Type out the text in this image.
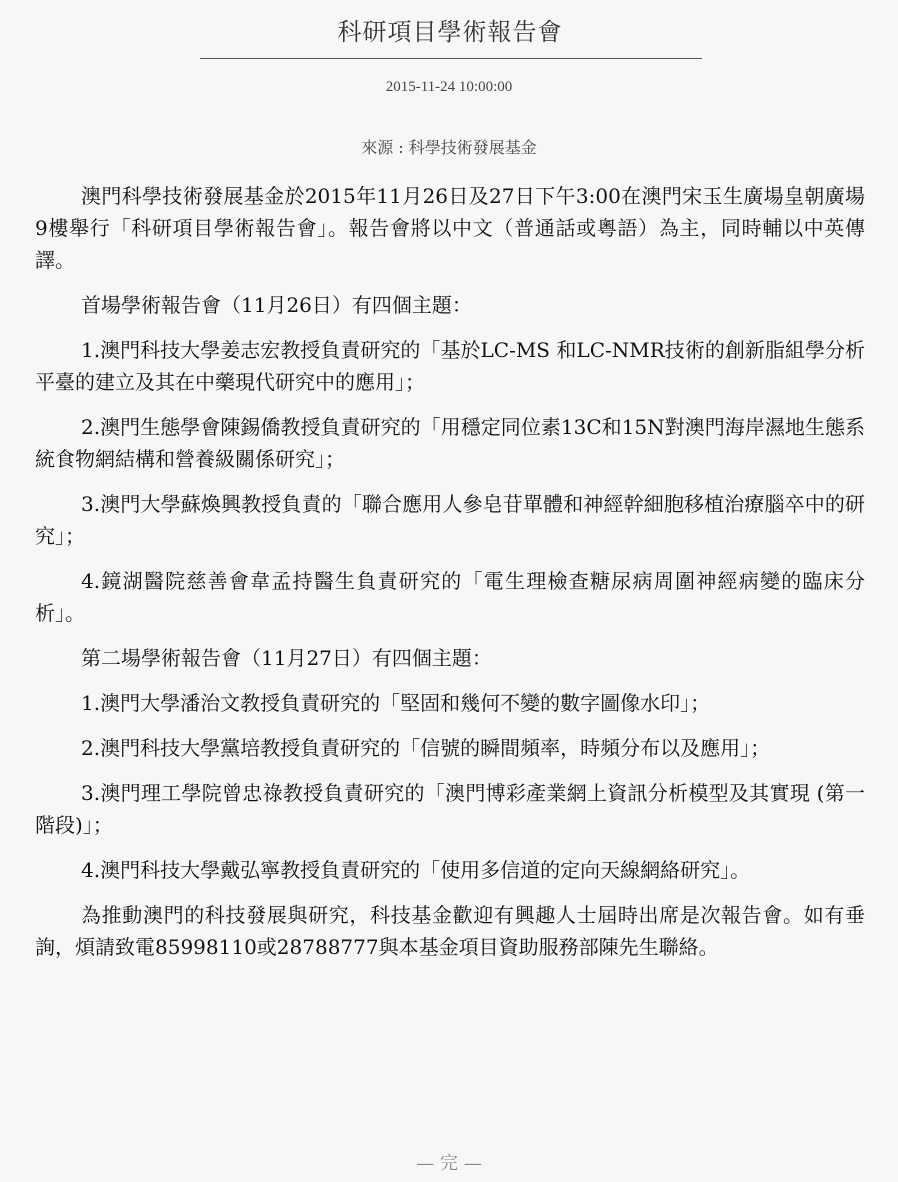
科研項目學術報告會
2015-11-24 10:00:00
來源 : 科學技術發展基金

澳門科學技術發展基金於2015年11月26日及27日下午3:00在澳門宋玉生廣場皇朝廣場9樓舉行「科研項目學術報告會」。報告會將以中文（普通話或粵語）為主，同時輔以中英傳譯。

首場學術報告會（11月26日）有四個主題：

1.澳門科技大學姜志宏教授負責研究的「基於LC-MS 和LC-NMR技術的創新脂組學分析平臺的建立及其在中藥現代研究中的應用」；

2.澳門生態學會陳錫僑教授負責研究的「用穩定同位素13C和15N對澳門海岸濕地生態系統食物網結構和營養級關係研究」；

3.澳門大學蘇煥興教授負責的「聯合應用人參皂苷單體和神經幹細胞移植治療腦卒中的研究」；

4.鏡湖醫院慈善會韋孟持醫生負責研究的「電生理檢查糖尿病周圍神經病變的臨床分析」。

第二場學術報告會（11月27日）有四個主題：

1.澳門大學潘治文教授負責研究的「堅固和幾何不變的數字圖像水印」；

2.澳門科技大學黨培教授負責研究的「信號的瞬間頻率，時頻分布以及應用」；

3.澳門理工學院曾忠祿教授負責研究的「澳門博彩產業網上資訊分析模型及其實現 (第一階段)」；

4.澳門科技大學戴弘寧教授負責研究的「使用多信道的定向天線網絡研究」。

為推動澳門的科技發展與研究，科技基金歡迎有興趣人士屆時出席是次報告會。如有垂詢，煩請致電85998110或28788777與本基金項目資助服務部陳先生聯絡。

— 完 —
